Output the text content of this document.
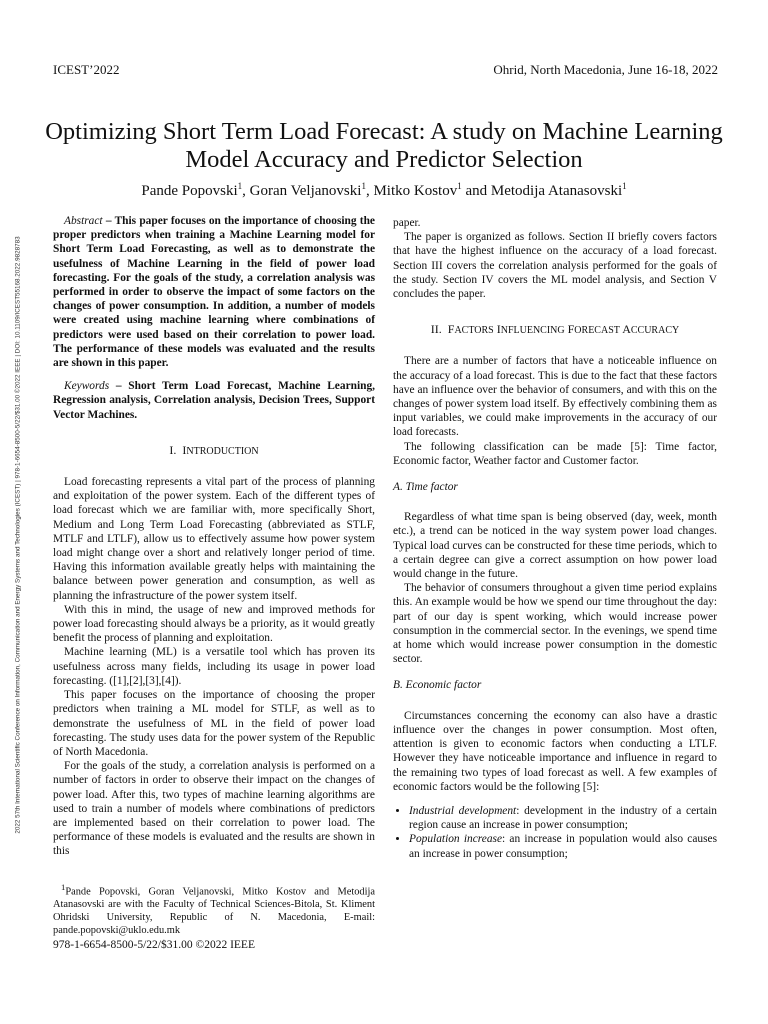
2022 57th International Scientific Conference on Information, Communication and Energy Systems and Technologies (ICEST) | 978-1-6654-8500-5/22/$31.00 ©2022 IEEE | DOI: 10.1109/ICEST55168.2022.9828783
ICEST’2022	Ohrid, North Macedonia, June 16-18, 2022
Optimizing Short Term Load Forecast: A study on Machine Learning Model Accuracy and Predictor Selection
Pande Popovski$^1$, Goran Veljanovski$^1$, Mitko Kostov$^1$ and Metodija Atanasovski$^1$

Abstract – This paper focuses on the importance of choosing the proper predictors when training a Machine Learning model for Short Term Load Forecasting, as well as to demonstrate the usefulness of Machine Learning in the field of power load forecasting. For the goals of the study, a correlation analysis was performed in order to observe the impact of some factors on the changes of power consumption. In addition, a number of models were created using machine learning where combinations of predictors were used based on their correlation to power load. The performance of these models was evaluated and the results are shown in this paper.

Keywords – Short Term Load Forecast, Machine Learning, Regression analysis, Correlation analysis, Decision Trees, Support Vector Machines.

I. INTRODUCTION

Load forecasting represents a vital part of the process of planning and exploitation of the power system. Each of the different types of load forecast which we are familiar with, more specifically Short, Medium and Long Term Load Forecasting (abbreviated as STLF, MTLF and LTLF), allow us to effectively assume how power system load might change over a short and relatively longer period of time. Having this information available greatly helps with maintaining the balance between power generation and consumption, as well as planning the infrastructure of the power system itself.

With this in mind, the usage of new and improved methods for power load forecasting should always be a priority, as it would greatly benefit the process of planning and exploitation.

Machine learning (ML) is a versatile tool which has proven its usefulness across many fields, including its usage in power load forecasting. ([1],[2],[3],[4]).

This paper focuses on the importance of choosing the proper predictors when training a ML model for STLF, as well as to demonstrate the usefulness of ML in the field of power load forecasting. The study uses data for the power system of the Republic of North Macedonia.

For the goals of the study, a correlation analysis is performed on a number of factors in order to observe their impact on the changes of power load. After this, two types of machine learning algorithms are used to train a number of models where combinations of predictors are implemented based on their correlation to power load. The performance of these models is evaluated and the results are shown in this

$^1$Pande Popovski, Goran Veljanovski, Mitko Kostov and Metodija Atanasovski are with the Faculty of Technical Sciences-Bitola, St. Kliment Ohridski University, Republic of N. Macedonia, E-mail: pande.popovski@uklo.edu.mk

paper.

The paper is organized as follows. Section II briefly covers factors that have the highest influence on the accuracy of a load forecast. Section III covers the correlation analysis performed for the goals of the study. Section IV covers the ML model analysis, and Section V concludes the paper.

II. FACTORS INFLUENCING FORECAST ACCURACY

There are a number of factors that have a noticeable influence on the accuracy of a load forecast. This is due to the fact that these factors have an influence over the behavior of consumers, and with this on the changes of power system load itself. By effectively combining them as input variables, we could make improvements in the accuracy of our load forecasts.

The following classification can be made [5]: Time factor, Economic factor, Weather factor and Customer factor.

A. Time factor

Regardless of what time span is being observed (day, week, month etc.), a trend can be noticed in the way system power load changes. Typical load curves can be constructed for these time periods, which to a certain degree can give a correct assumption on how power load would change in the future.

The behavior of consumers throughout a given time period explains this. An example would be how we spend our time throughout the day: part of our day is spent working, which would increase power consumption in the commercial sector. In the evenings, we spend time at home which would increase power consumption in the domestic sector.

B. Economic factor

Circumstances concerning the economy can also have a drastic influence over the changes in power consumption. Most often, attention is given to economic factors when conducting a LTLF. However they have noticeable importance and influence in regard to the remaining two types of load forecast as well. A few examples of economic factors would be the following [5]:

• Industrial development: development in the industry of a certain region cause an increase in power consumption;
• Population increase: an increase in population would also causes an increase in power consumption;
978-1-6654-8500-5/22/$31.00 ©2022 IEEE
